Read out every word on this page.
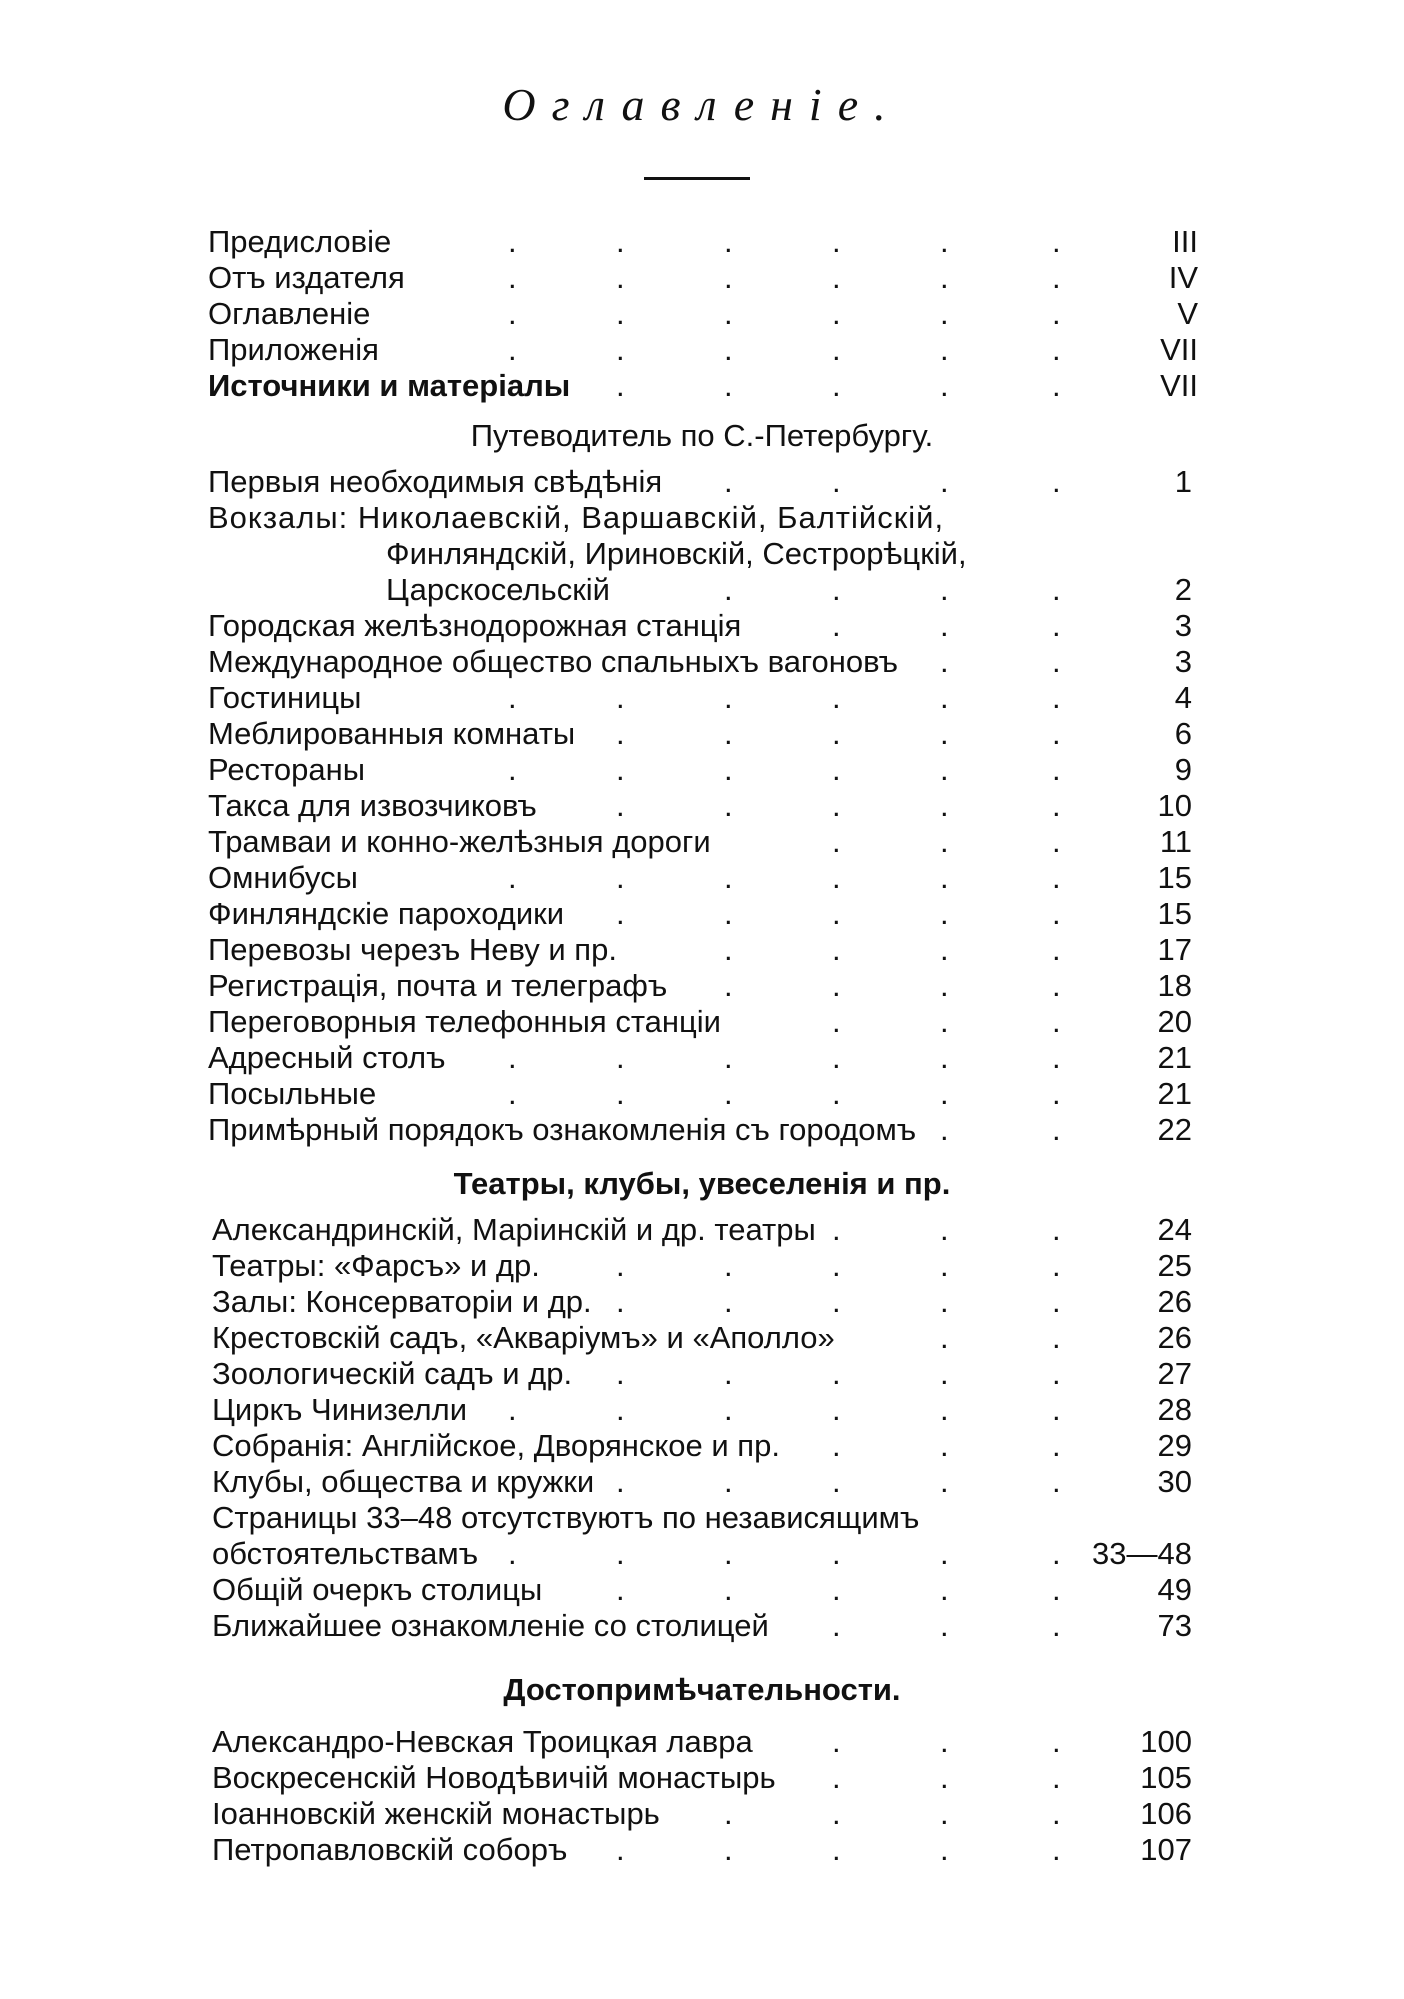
Оглавленіе.
Предисловіе	III
Отъ издателя	IV
Оглавленіе	V
Приложенія	VII
Источники и матеріалы	VII
Путеводитель по С.-Петербургу.
Первыя необходимыя свѣдѣнія	1
Вокзалы: Николаевскій, Варшавскій, Балтійскій,
Финляндскій, Ириновскій, Сестрорѣцкій,
Царскосельскій	2
Городская желѣзнодорожная станція	3
Международное общество спальныхъ вагоновъ	3
Гостиницы	4
Меблированныя комнаты	6
Рестораны	9
Такса для извозчиковъ	10
Трамваи и конно-желѣзныя дороги	11
Омнибусы	15
Финляндскіе пароходики	15
Перевозы черезъ Неву и пр.	17
Регистрація, почта и телеграфъ	18
Переговорныя телефонныя станціи	20
Адресный столъ	21
Посыльные	21
Примѣрный порядокъ ознакомленія съ городомъ	22
Театры, клубы, увеселенія и пр.
Александринскій, Маріинскій и др. театры	24
Театры: «Фарсъ» и др.	25
Залы: Консерваторіи и др.	26
Крестовскій садъ, «Акваріумъ» и «Аполло»	26
Зоологическій садъ и др.	27
Циркъ Чинизелли	28
Собранія: Англійское, Дворянское и пр.	29
Клубы, общества и кружки	30
Страницы 33–48 отсутствуютъ по независящимъ
обстоятельствамъ	33—48
Общій очеркъ столицы	49
Ближайшее ознакомленіе со столицей	73
Достопримѣчательности.
Александро-Невская Троицкая лавра	100
Воскресенскій Новодѣвичій монастырь	105
Іоанновскій женскій монастырь	106
Петропавловскій соборъ	107
.	.	.	.	.	.
.	.	.	.	.	.
.	.	.	.	.	.
.	.	.	.	.	.
.	.	.	.	.
.	.	.	.
.	.	.	.
.	.	.
.	.
.	.	.	.	.	.
.	.	.	.	.
.	.	.	.	.	.
.	.	.	.	.
.	.	.
.	.	.	.	.	.
.	.	.	.	.
.	.	.	.
.	.	.	.
.	.	.
.	.	.	.	.	.
.	.	.	.	.	.
.	.
.	.	.
.	.	.	.	.
.	.	.	.	.
.	.
.	.	.	.	.
.	.	.	.	.	.
.	.	.
.	.	.	.	.
.	.	.	.	.	.
.	.	.	.	.
.	.	.
.	.	.
.	.	.
.	.	.	.
.	.	.	.	.
